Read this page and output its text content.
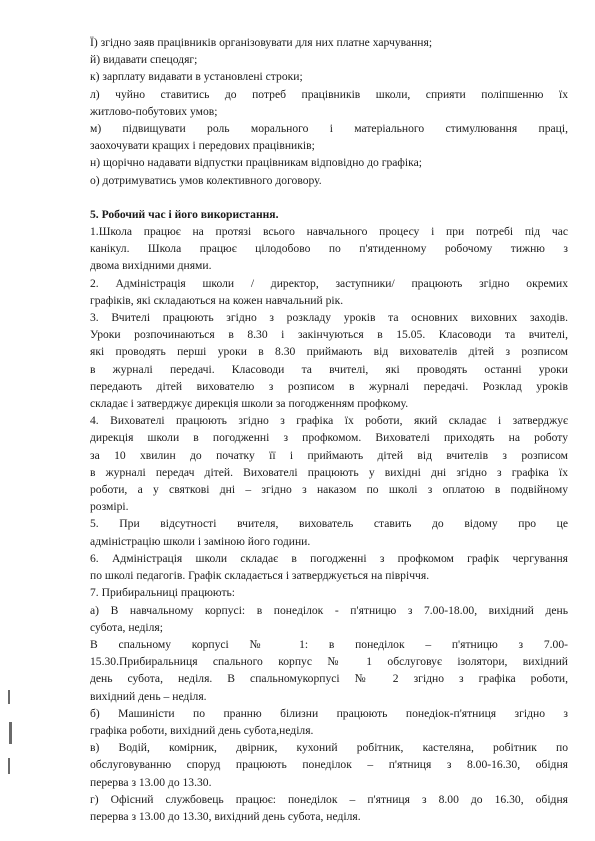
Ї) згідно заяв працівників організовувати для них платне харчування;
й) видавати спецодяг;
к) зарплату видавати в установлені строки;
л) чуйно ставитись до потреб працівників школи, сприяти поліпшенню їх
житлово-побутових умов;
м) підвищувати роль морального і матеріального стимулювання праці,
заохочувати кращих і передових працівників;
н) щорічно надавати відпустки працівникам відповідно до графіка;
о) дотримуватись умов колективного договору.
5. Робочий час і його використання.
1.Школа працює на протязі всього навчального процесу і при потребі під час
канікул. Школа працює цілодобово по п'ятиденному робочому тижню з
двома вихідними днями.
2. Адміністрація школи / директор, заступники/ працюють згідно окремих
графіків, які складаються на кожен навчальний рік.
3. Вчителі працюють згідно з розкладу уроків та основних виховних заходів.
Уроки розпочинаються в 8.30 і закінчуються в 15.05. Класоводи та вчителі,
які проводять перші уроки в 8.30 приймають від вихователів дітей з розписом
в журналі передачі. Класоводи та вчителі, які проводять останні уроки
передають дітей вихователю з розписом в журналі передачі. Розклад уроків
складає і затверджує дирекція школи за погодженням профкому.
4. Вихователі працюють згідно з графіка їх роботи, який складає і затверджує
дирекція школи в погодженні з профкомом. Вихователі приходять на роботу
за 10 хвилин до початку її і приймають дітей від вчителів з розписом
в журналі передач дітей. Вихователі працюють у вихідні дні згідно з графіка їх
роботи, а у святкові дні – згідно з наказом по школі з оплатою в подвійному
розмірі.
5. При відсутності вчителя, вихователь ставить до відому про це
адміністрацію школи і заміною його години.
6. Адміністрація школи складає в погодженні з профкомом графік чергування
по школі педагогів. Графік складається і затверджується на півріччя.
7. Прибиральниці працюють:
а) В навчальному корпусі: в понеділок - п'ятницю з 7.00-18.00, вихідний день
субота, неділя;
В спальному корпусі № 1: в понеділок – п'ятницю з 7.00-
15.30.Прибиральниця спального корпус № 1 обслуговує ізолятори, вихідний
день субота, неділя. В спальномукорпусі № 2 згідно з графіка роботи,
вихідний день – неділя.
б) Машиністи по пранню білизни працюють понедіок-п'ятниця згідно з
графіка роботи, вихідний день субота,неділя.
в) Водій, комірник, двірник, кухоний робітник, кастеляна, робітник по
обслуговуванню споруд працюють понеділок – п'ятниця з 8.00-16.30, обідня
перерва з 13.00 до 13.30.
г) Офісний службовець працює: понеділок – п'ятниця з 8.00 до 16.30, обідня
перерва з 13.00 до 13.30, вихідний день субота, неділя.
